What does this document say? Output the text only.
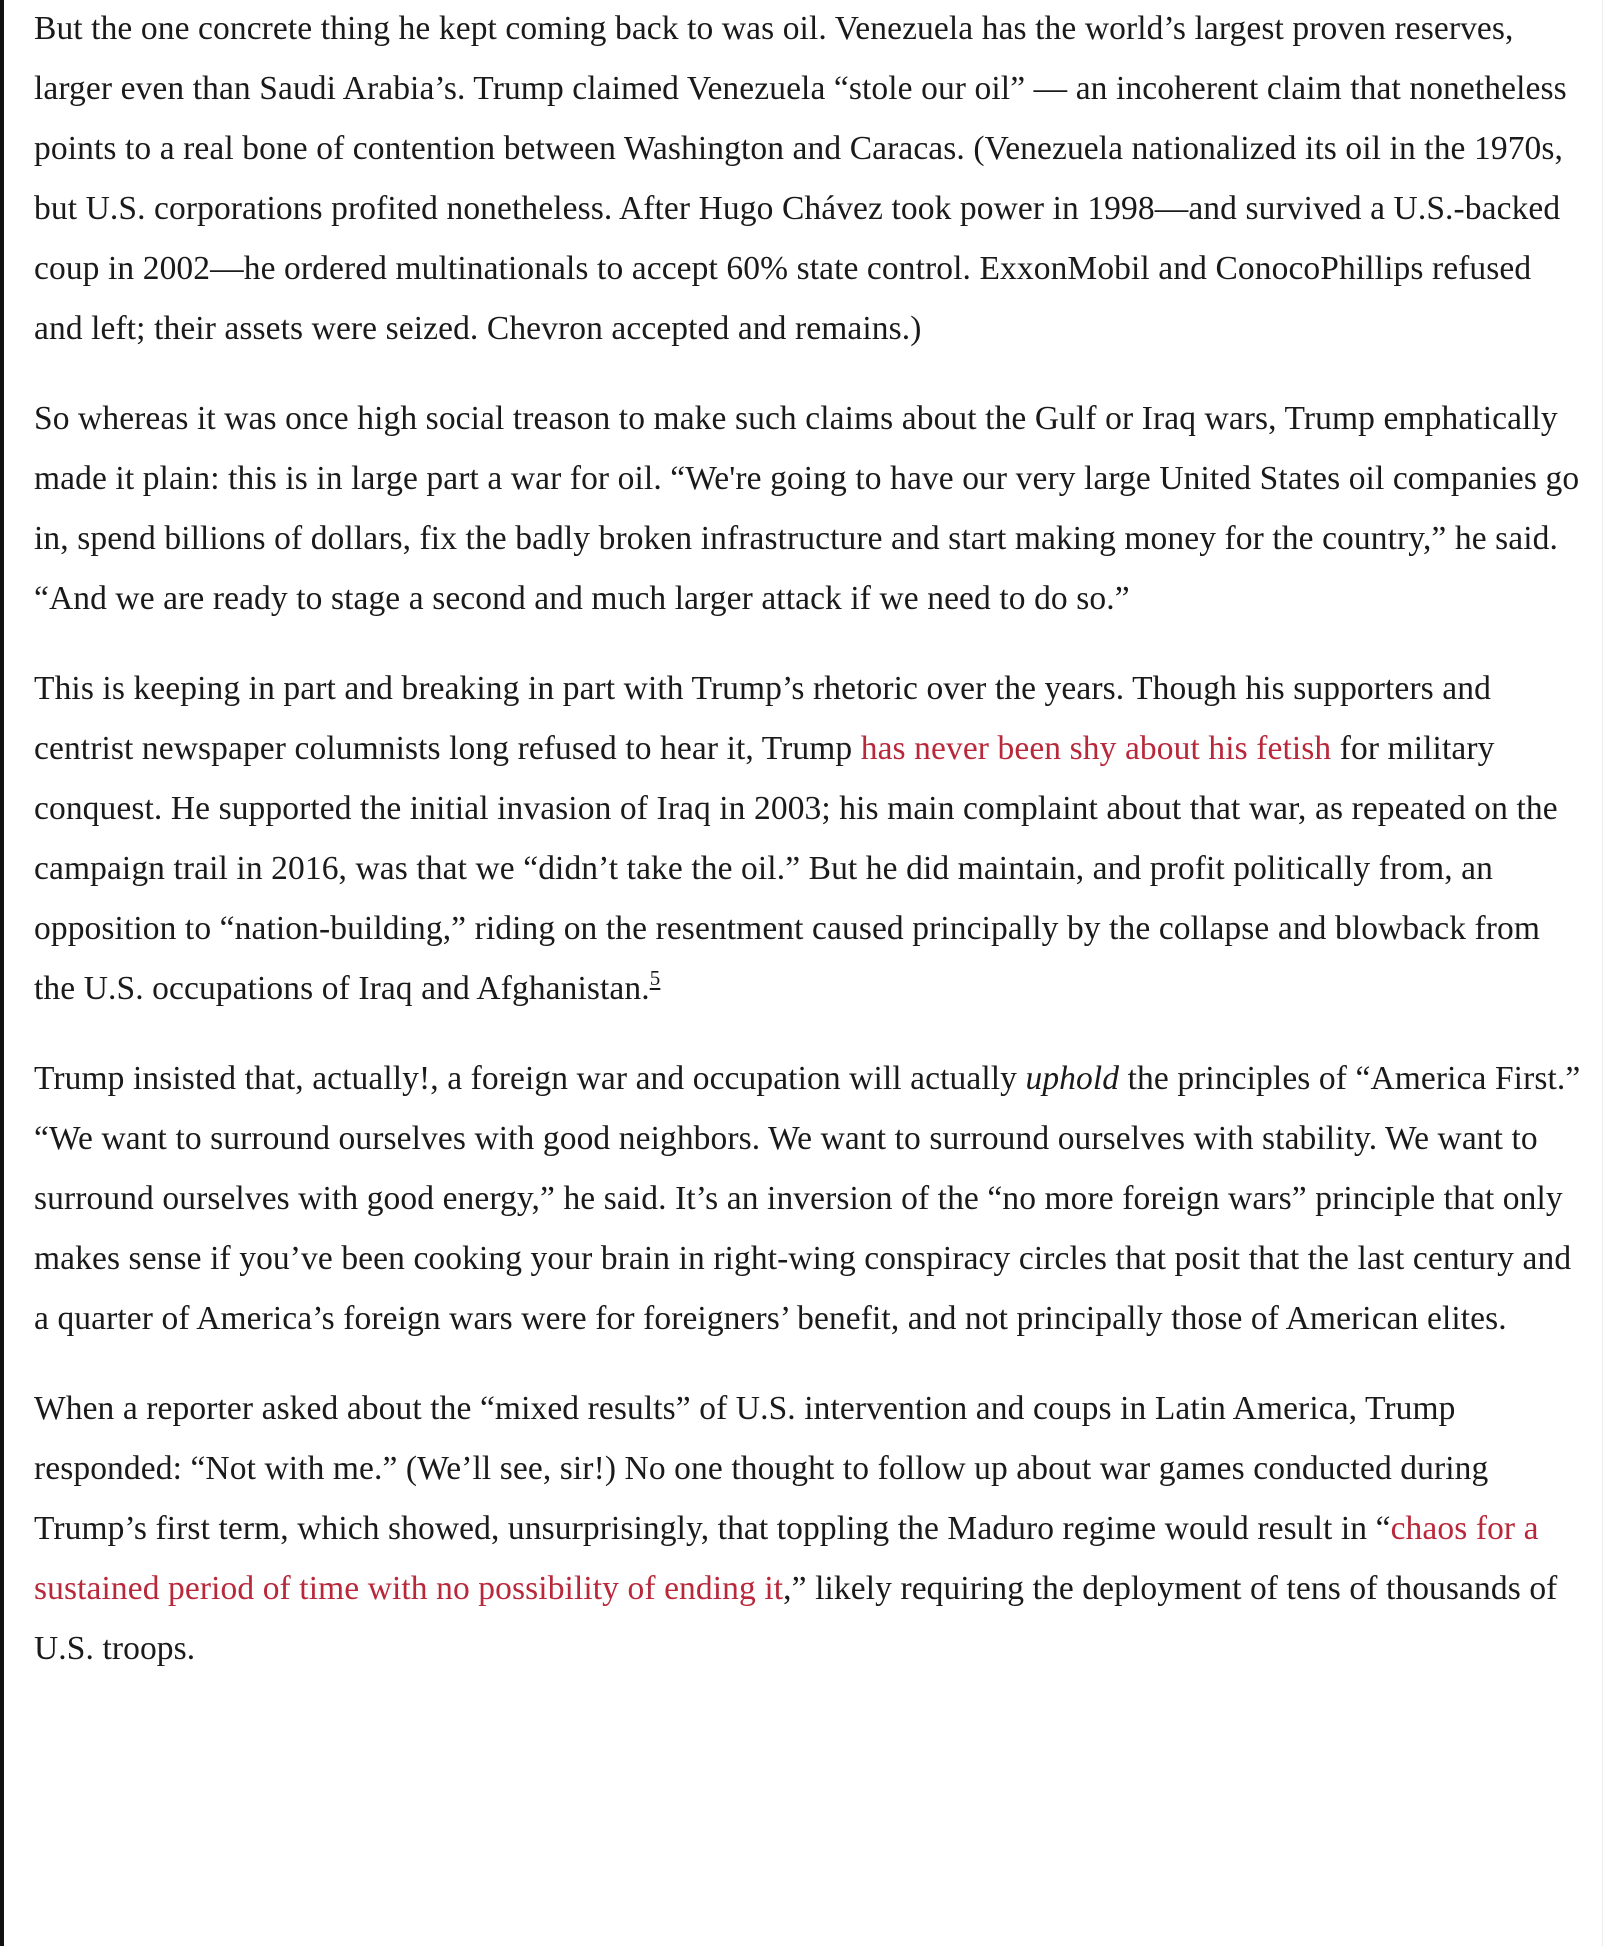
But the one concrete thing he kept coming back to was oil. Venezuela has the world’s largest proven reserves, larger even than Saudi Arabia’s. Trump claimed Venezuela “stole our oil” — an incoherent claim that nonetheless points to a real bone of contention between Washington and Caracas. (Venezuela nationalized its oil in the 1970s, but U.S. corporations profited nonetheless. After Hugo Chávez took power in 1998—and survived a U.S.-backed coup in 2002—he ordered multinationals to accept 60% state control. ExxonMobil and ConocoPhillips refused and left; their assets were seized. Chevron accepted and remains.)

So whereas it was once high social treason to make such claims about the Gulf or Iraq wars, Trump emphatically made it plain: this is in large part a war for oil. “We're going to have our very large United States oil companies go in, spend billions of dollars, fix the badly broken infrastructure and start making money for the country,” he said. “And we are ready to stage a second and much larger attack if we need to do so.”

This is keeping in part and breaking in part with Trump’s rhetoric over the years. Though his supporters and centrist newspaper columnists long refused to hear it, Trump has never been shy about his fetish for military conquest. He supported the initial invasion of Iraq in 2003; his main complaint about that war, as repeated on the campaign trail in 2016, was that we “didn’t take the oil.” But he did maintain, and profit politically from, an opposition to “nation-building,” riding on the resentment caused principally by the collapse and blowback from the U.S. occupations of Iraq and Afghanistan.$^5$

Trump insisted that, actually!, a foreign war and occupation will actually uphold the principles of “America First.” “We want to surround ourselves with good neighbors. We want to surround ourselves with stability. We want to surround ourselves with good energy,” he said. It’s an inversion of the “no more foreign wars” principle that only makes sense if you’ve been cooking your brain in right-wing conspiracy circles that posit that the last century and a quarter of America’s foreign wars were for foreigners’ benefit, and not principally those of American elites.

When a reporter asked about the “mixed results” of U.S. intervention and coups in Latin America, Trump responded: “Not with me.” (We’ll see, sir!) No one thought to follow up about war games conducted during Trump’s first term, which showed, unsurprisingly, that toppling the Maduro regime would result in “chaos for a sustained period of time with no possibility of ending it,” likely requiring the deployment of tens of thousands of U.S. troops.
